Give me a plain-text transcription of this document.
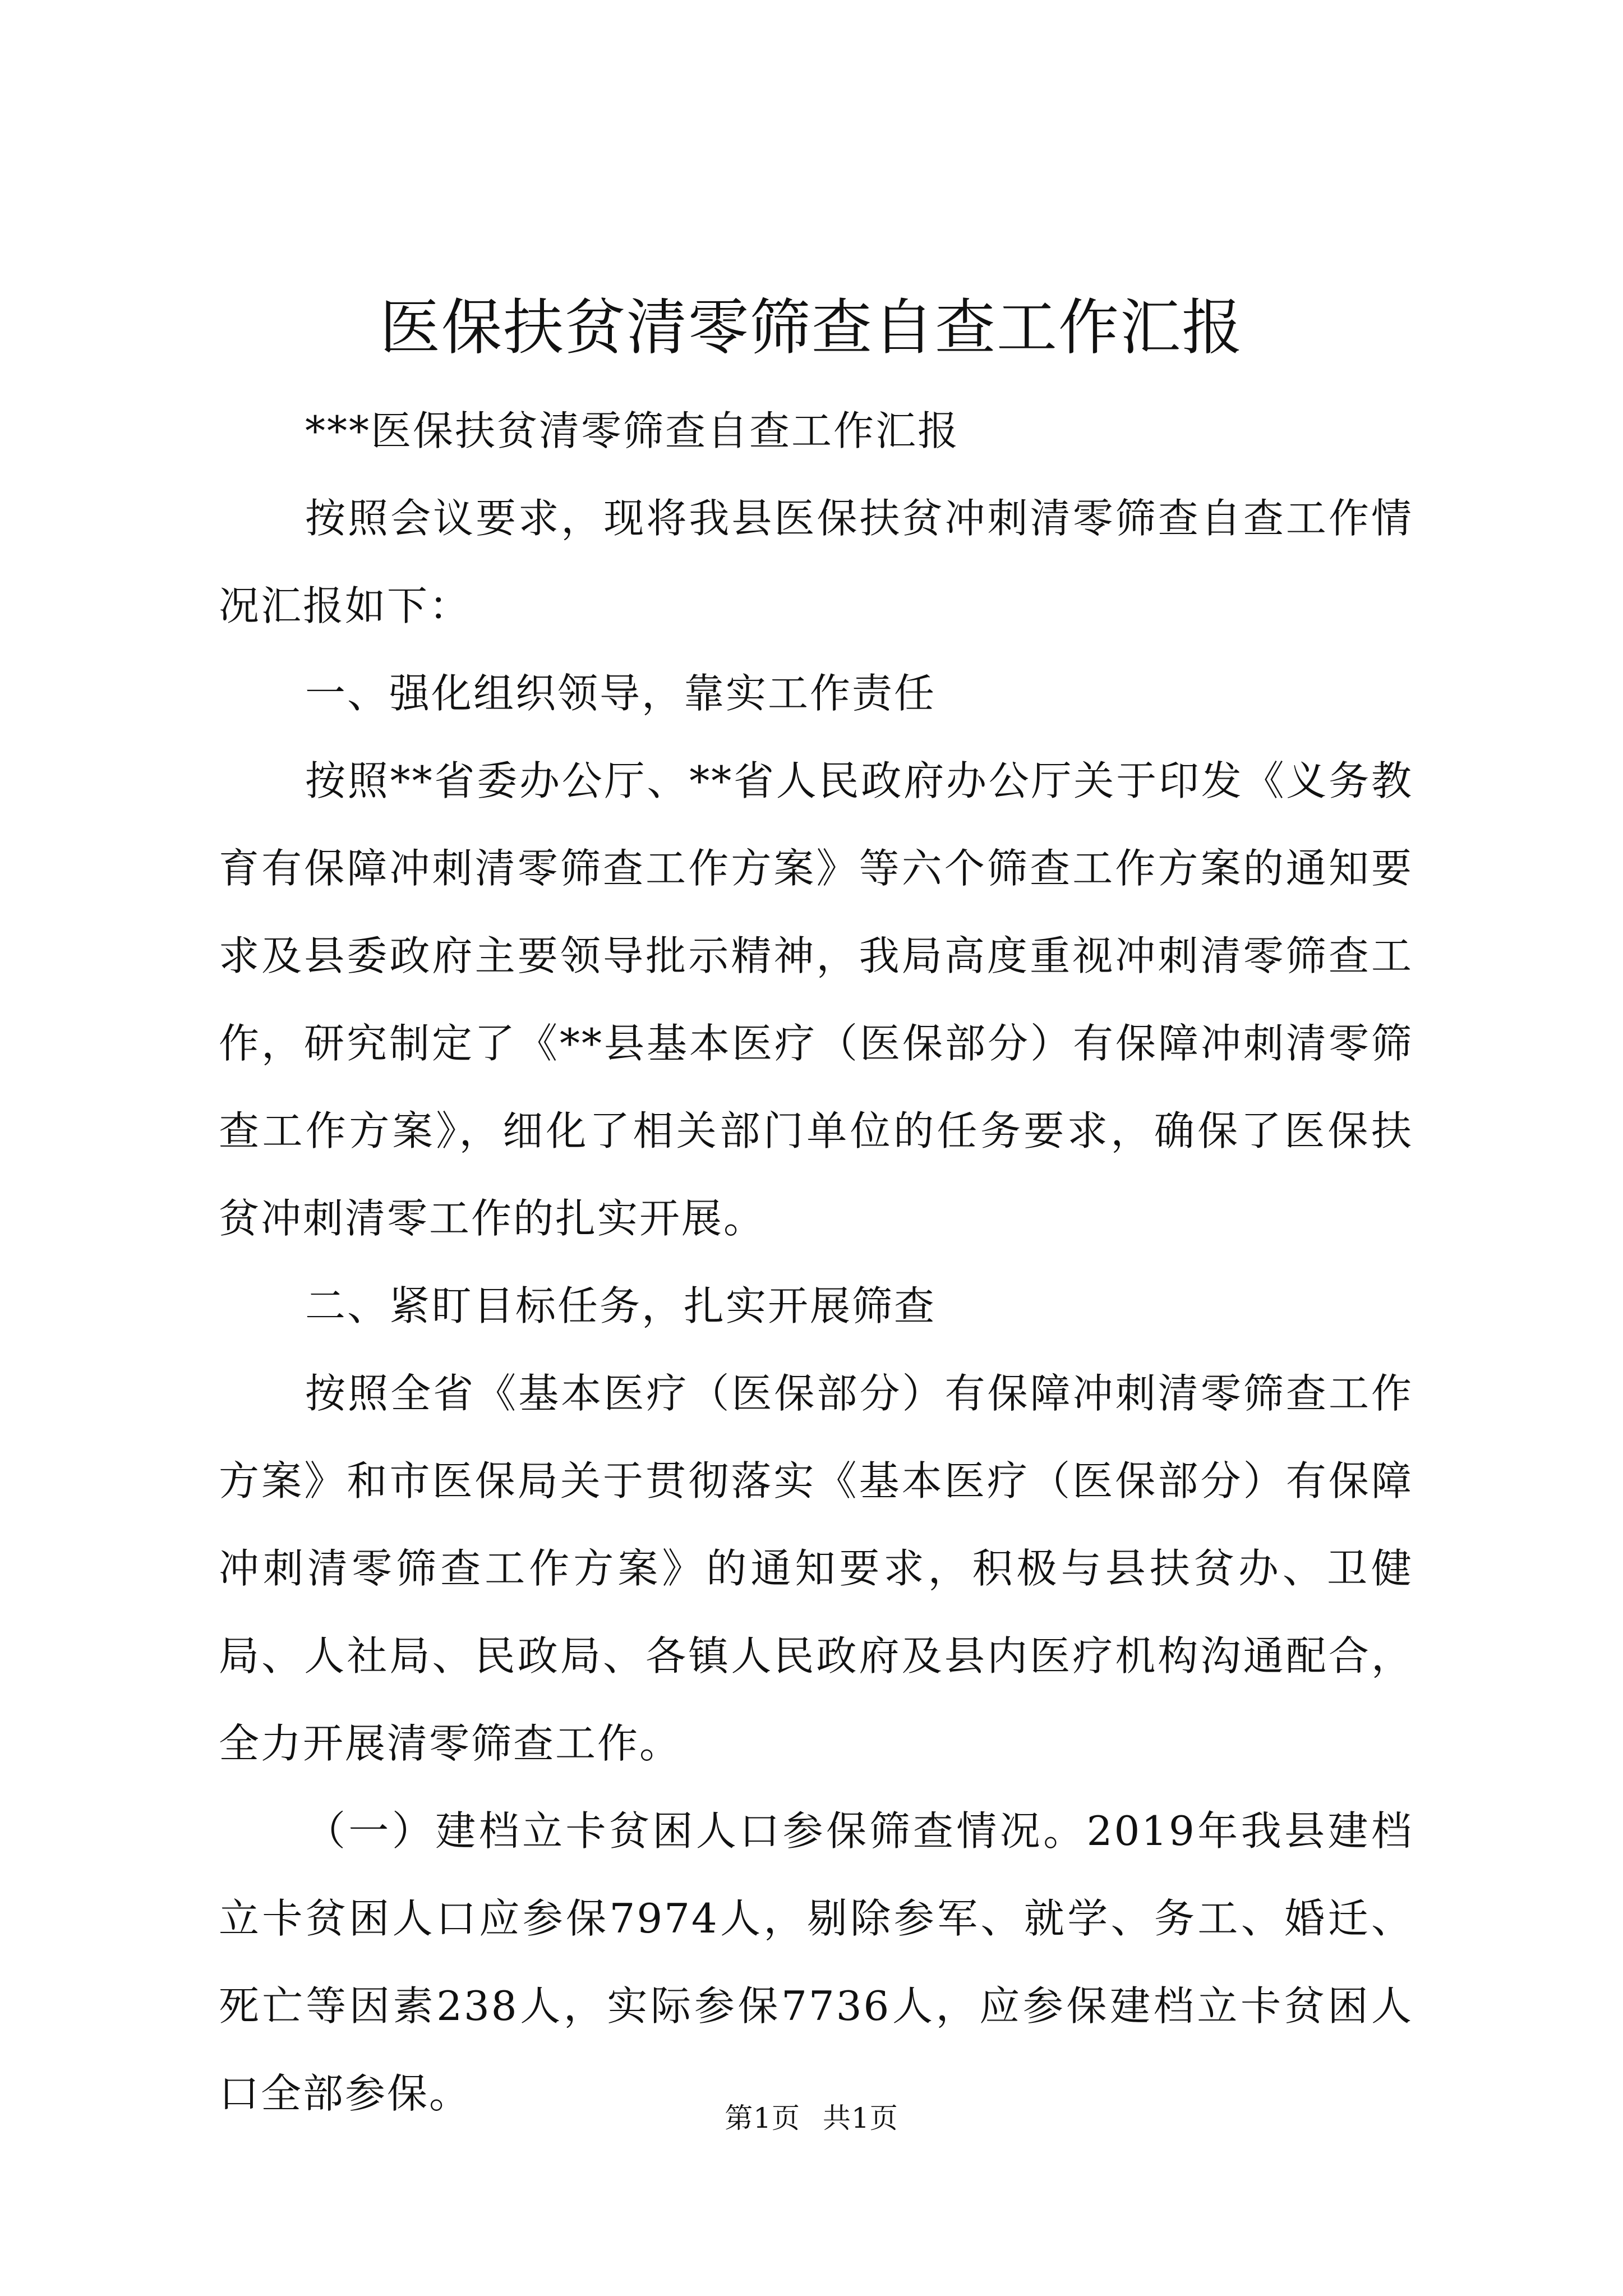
医保扶贫清零筛查自查工作汇报

***医保扶贫清零筛查自查工作汇报

按照会议要求，现将我县医保扶贫冲刺清零筛查自查工作情况汇报如下：

一、强化组织领导，靠实工作责任

按照**省委办公厅、**省人民政府办公厅关于印发《义务教育有保障冲刺清零筛查工作方案》等六个筛查工作方案的通知要求及县委政府主要领导批示精神，我局高度重视冲刺清零筛查工作，研究制定了《**县基本医疗（医保部分）有保障冲刺清零筛查工作方案》，细化了相关部门单位的任务要求，确保了医保扶贫冲刺清零工作的扎实开展。

二、紧盯目标任务，扎实开展筛查

按照全省《基本医疗（医保部分）有保障冲刺清零筛查工作方案》和市医保局关于贯彻落实《基本医疗（医保部分）有保障冲刺清零筛查工作方案》的通知要求，积极与县扶贫办、卫健局、人社局、民政局、各镇人民政府及县内医疗机构沟通配合，全力开展清零筛查工作。

（一）建档立卡贫困人口参保筛查情况。2019年我县建档立卡贫困人口应参保7974人，剔除参军、就学、务工、婚迁、死亡等因素238人，实际参保7736人，应参保建档立卡贫困人口全部参保。

第1页 共1页
